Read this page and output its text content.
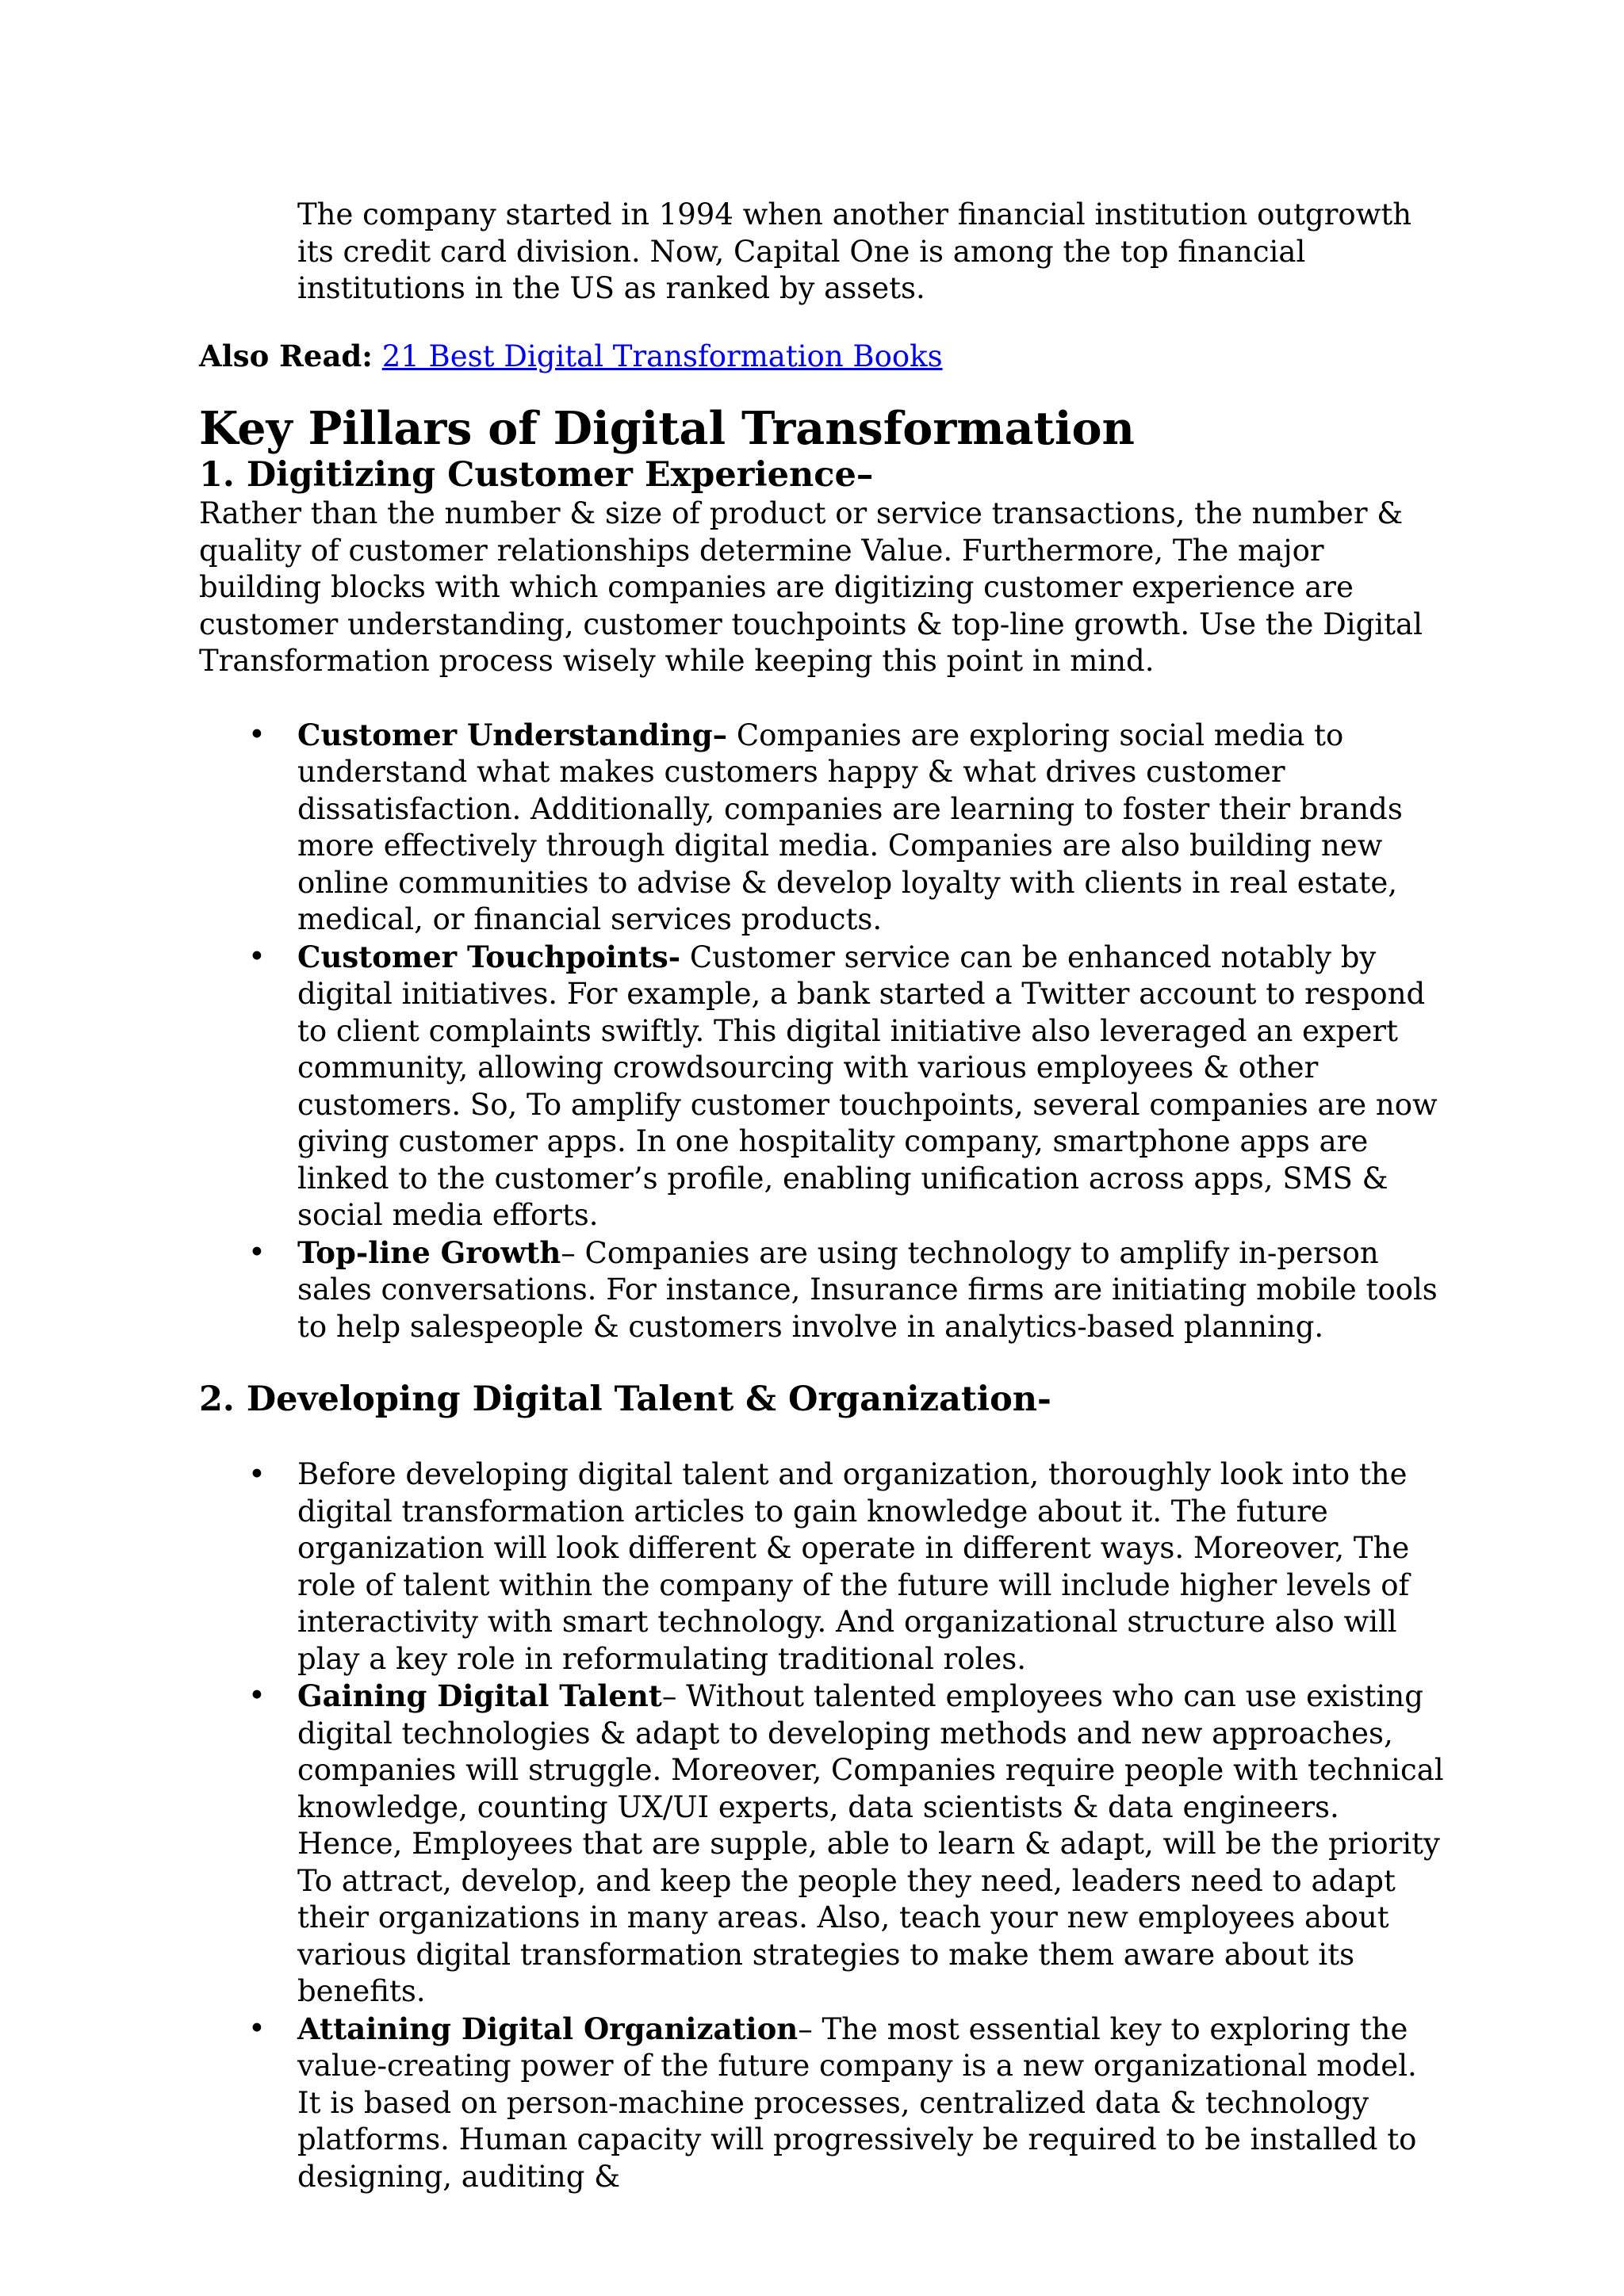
The company started in 1994 when another financial institution outgrowth its credit card division. Now, Capital One is among the top financial institutions in the US as ranked by assets.

Also Read: 21 Best Digital Transformation Books

Key Pillars of Digital Transformation
1. Digitizing Customer Experience–

Rather than the number & size of product or service transactions, the number & quality of customer relationships determine Value. Furthermore, The major building blocks with which companies are digitizing customer experience are customer understanding, customer touchpoints & top-line growth. Use the Digital Transformation process wisely while keeping this point in mind.

• Customer Understanding– Companies are exploring social media to understand what makes customers happy & what drives customer dissatisfaction. Additionally, companies are learning to foster their brands more effectively through digital media. Companies are also building new online communities to advise & develop loyalty with clients in real estate, medical, or financial services products.
• Customer Touchpoints- Customer service can be enhanced notably by digital initiatives. For example, a bank started a Twitter account to respond to client complaints swiftly. This digital initiative also leveraged an expert community, allowing crowdsourcing with various employees & other customers. So, To amplify customer touchpoints, several companies are now giving customer apps. In one hospitality company, smartphone apps are linked to the customer’s profile, enabling unification across apps, SMS & social media efforts.
• Top-line Growth– Companies are using technology to amplify in-person sales conversations. For instance, Insurance firms are initiating mobile tools to help salespeople & customers involve in analytics-based planning.
2. Developing Digital Talent & Organization-
• Before developing digital talent and organization, thoroughly look into the digital transformation articles to gain knowledge about it. The future organization will look different & operate in different ways. Moreover, The role of talent within the company of the future will include higher levels of interactivity with smart technology. And organizational structure also will play a key role in reformulating traditional roles.
• Gaining Digital Talent– Without talented employees who can use existing digital technologies & adapt to developing methods and new approaches, companies will struggle. Moreover, Companies require people with technical knowledge, counting UX/UI experts, data scientists & data engineers. Hence, Employees that are supple, able to learn & adapt, will be the priority To attract, develop, and keep the people they need, leaders need to adapt their organizations in many areas. Also, teach your new employees about various digital transformation strategies to make them aware about its benefits.
• Attaining Digital Organization– The most essential key to exploring the value-creating power of the future company is a new organizational model. It is based on person-machine processes, centralized data & technology platforms. Human capacity will progressively be required to be installed to designing, auditing &
